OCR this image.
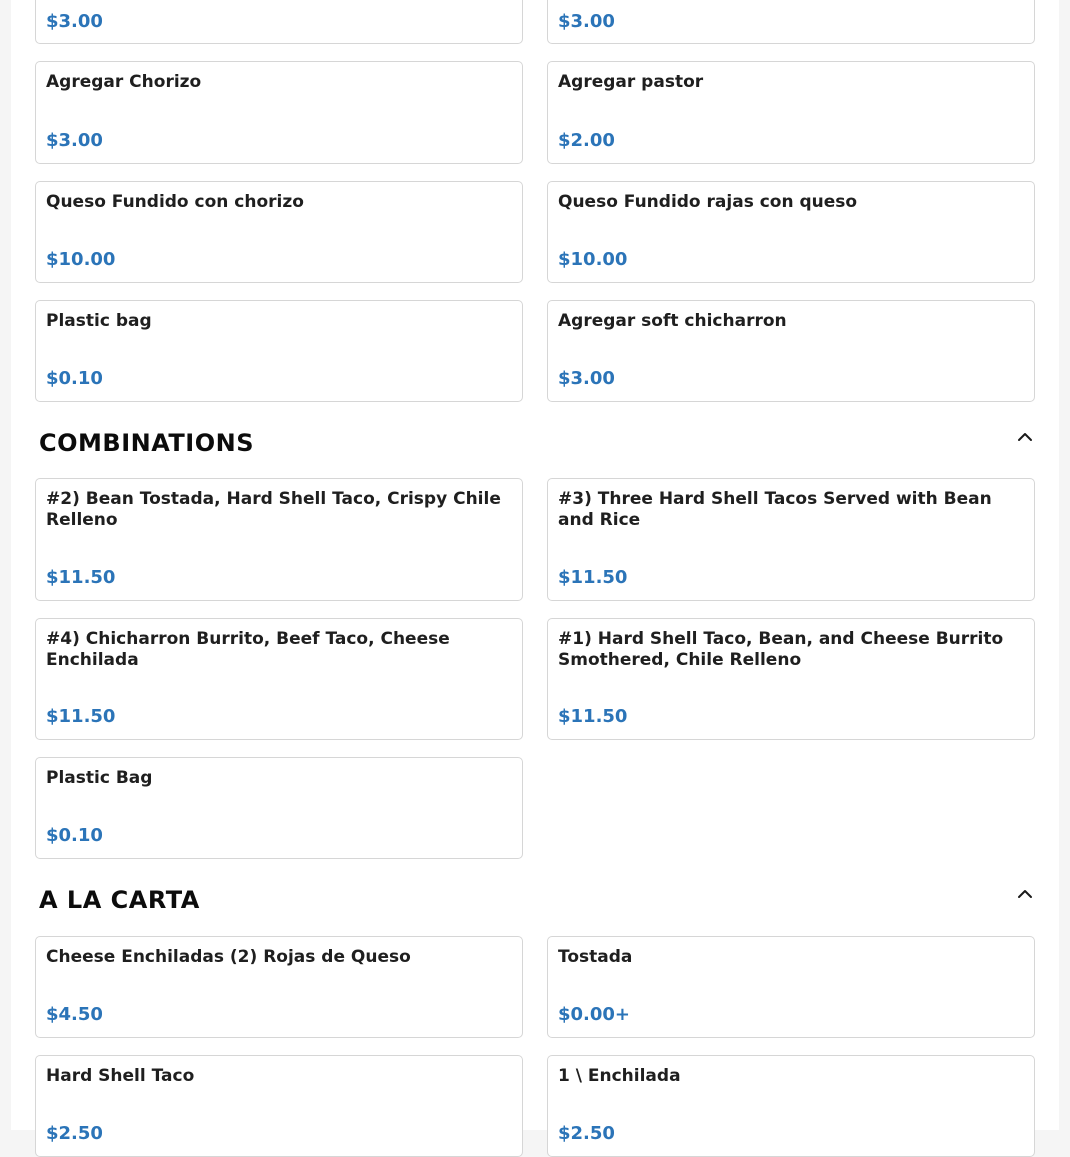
$3.00	$3.00
Agregar Chorizo
$3.00
Agregar pastor
$2.00
Queso Fundido con chorizo
$10.00
Queso Fundido rajas con queso
$10.00
Plastic bag
$0.10
Agregar soft chicharron
$3.00
COMBINATIONS
#2) Bean Tostada, Hard Shell Taco, Crispy Chile Relleno
$11.50
#3) Three Hard Shell Tacos Served with Bean and Rice
$11.50
#4) Chicharron Burrito, Beef Taco, Cheese Enchilada
$11.50
#1) Hard Shell Taco, Bean, and Cheese Burrito Smothered, Chile Relleno
$11.50
Plastic Bag
$0.10
A LA CARTA
Cheese Enchiladas (2) Rojas de Queso
$4.50
Tostada
$0.00+
Hard Shell Taco
$2.50
1 \ Enchilada
$2.50
